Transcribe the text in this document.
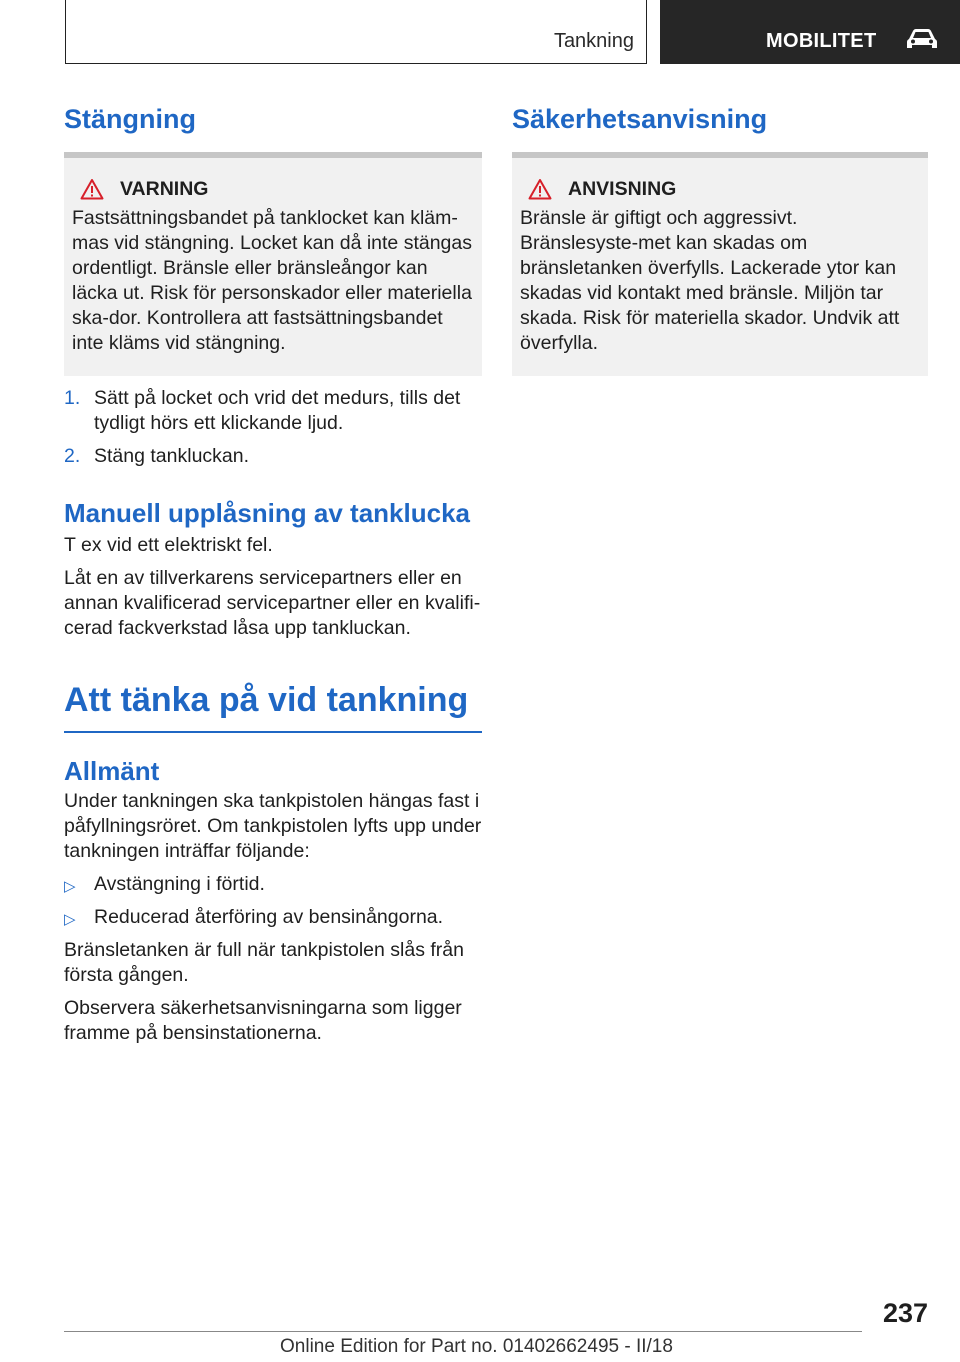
Tankning	MOBILITET
Stängning
VARNING

Fastsättningsbandet på tanklocket kan kläm-mas vid stängning. Locket kan då inte stängas ordentligt. Bränsle eller bränsleångor kan läcka ut. Risk för personskador eller materiella ska-dor. Kontrollera att fastsättningsbandet inte kläms vid stängning.

1. Sätt på locket och vrid det medurs, tills det tydligt hörs ett klickande ljud.
2. Stäng tankluckan.
Manuell upplåsning av tanklucka

T ex vid ett elektriskt fel.

Låt en av tillverkarens servicepartners eller en annan kvalificerad servicepartner eller en kvalifi-cerad fackverkstad låsa upp tankluckan.

Att tänka på vid tankning
Allmänt

Under tankningen ska tankpistolen hängas fast i påfyllningsröret. Om tankpistolen lyfts upp under tankningen inträffar följande:

▷ Avstängning i förtid.
▷ Reducerad återföring av bensinångorna.

Bränsletanken är full när tankpistolen slås från första gången.

Observera säkerhetsanvisningarna som ligger framme på bensinstationerna.

Säkerhetsanvisning
ANVISNING

Bränsle är giftigt och aggressivt. Bränslesyste-met kan skadas om bränsletanken överfylls. Lackerade ytor kan skadas vid kontakt med bränsle. Miljön tar skada. Risk för materiella skador. Undvik att överfylla.

237
Online Edition for Part no. 01402662495 - II/18
